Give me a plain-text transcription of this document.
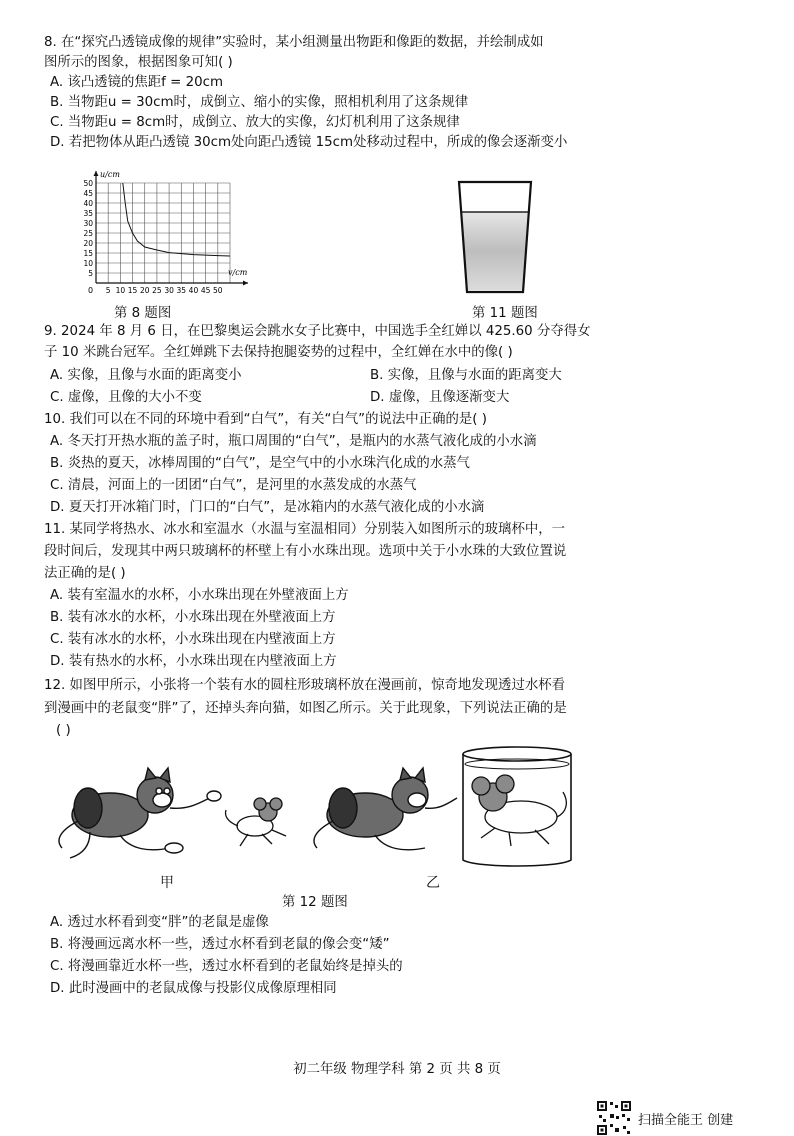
8. 在“探究凸透镜成像的规律”实验时，某小组测量出物距和像距的数据，并绘制成如
图所示的图象，根据图象可知( )
A. 该凸透镜的焦距f = 20cm
B. 当物距u = 30cm时，成倒立、缩小的实像，照相机利用了这条规律
C. 当物距u = 8cm时，成倒立、放大的实像，幻灯机利用了这条规律
D. 若把物体从距凸透镜 30cm处向距凸透镜 15cm处移动过程中，所成的像会逐渐变小
5
10
15
20
25
30
35
40
45
50
5 10 15 20 25 30 35 40 45 50
u/cm
v/cm
0
第 8 题图	第 11 题图
9. 2024 年 8 月 6 日，在巴黎奥运会跳水女子比赛中，中国选手全红婵以 425.60 分夺得女
子 10 米跳台冠军。全红婵跳下去保持抱腿姿势的过程中，全红婵在水中的像( )
A. 实像，且像与水面的距离变小	B. 实像，且像与水面的距离变大
C. 虚像，且像的大小不变	D. 虚像，且像逐渐变大
10. 我们可以在不同的环境中看到“白气”，有关“白气”的说法中正确的是( )
A. 冬天打开热水瓶的盖子时，瓶口周围的“白气”，是瓶内的水蒸气液化成的小水滴
B. 炎热的夏天，冰棒周围的“白气”，是空气中的小水珠汽化成的水蒸气
C. 清晨，河面上的一团团“白气”，是河里的水蒸发成的水蒸气
D. 夏天打开冰箱门时，门口的“白气”，是冰箱内的水蒸气液化成的小水滴
11. 某同学将热水、冰水和室温水（水温与室温相同）分别装入如图所示的玻璃杯中，一
段时间后，发现其中两只玻璃杯的杯壁上有小水珠出现。选项中关于小水珠的大致位置说
法正确的是( )
A. 装有室温水的水杯，小水珠出现在外壁液面上方
B. 装有冰水的水杯，小水珠出现在外壁液面上方
C. 装有冰水的水杯，小水珠出现在内壁液面上方
D. 装有热水的水杯，小水珠出现在内壁液面上方
12. 如图甲所示，小张将一个装有水的圆柱形玻璃杯放在漫画前，惊奇地发现透过水杯看
到漫画中的老鼠变“胖”了，还掉头奔向猫，如图乙所示。关于此现象，下列说法正确的是
( )
甲	乙
第 12 题图
A. 透过水杯看到变“胖”的老鼠是虚像
B. 将漫画远离水杯一些，透过水杯看到老鼠的像会变“矮”
C. 将漫画靠近水杯一些，透过水杯看到的老鼠始终是掉头的
D. 此时漫画中的老鼠成像与投影仪成像原理相同
初二年级 物理学科 第 2 页 共 8 页
扫描全能王 创建
